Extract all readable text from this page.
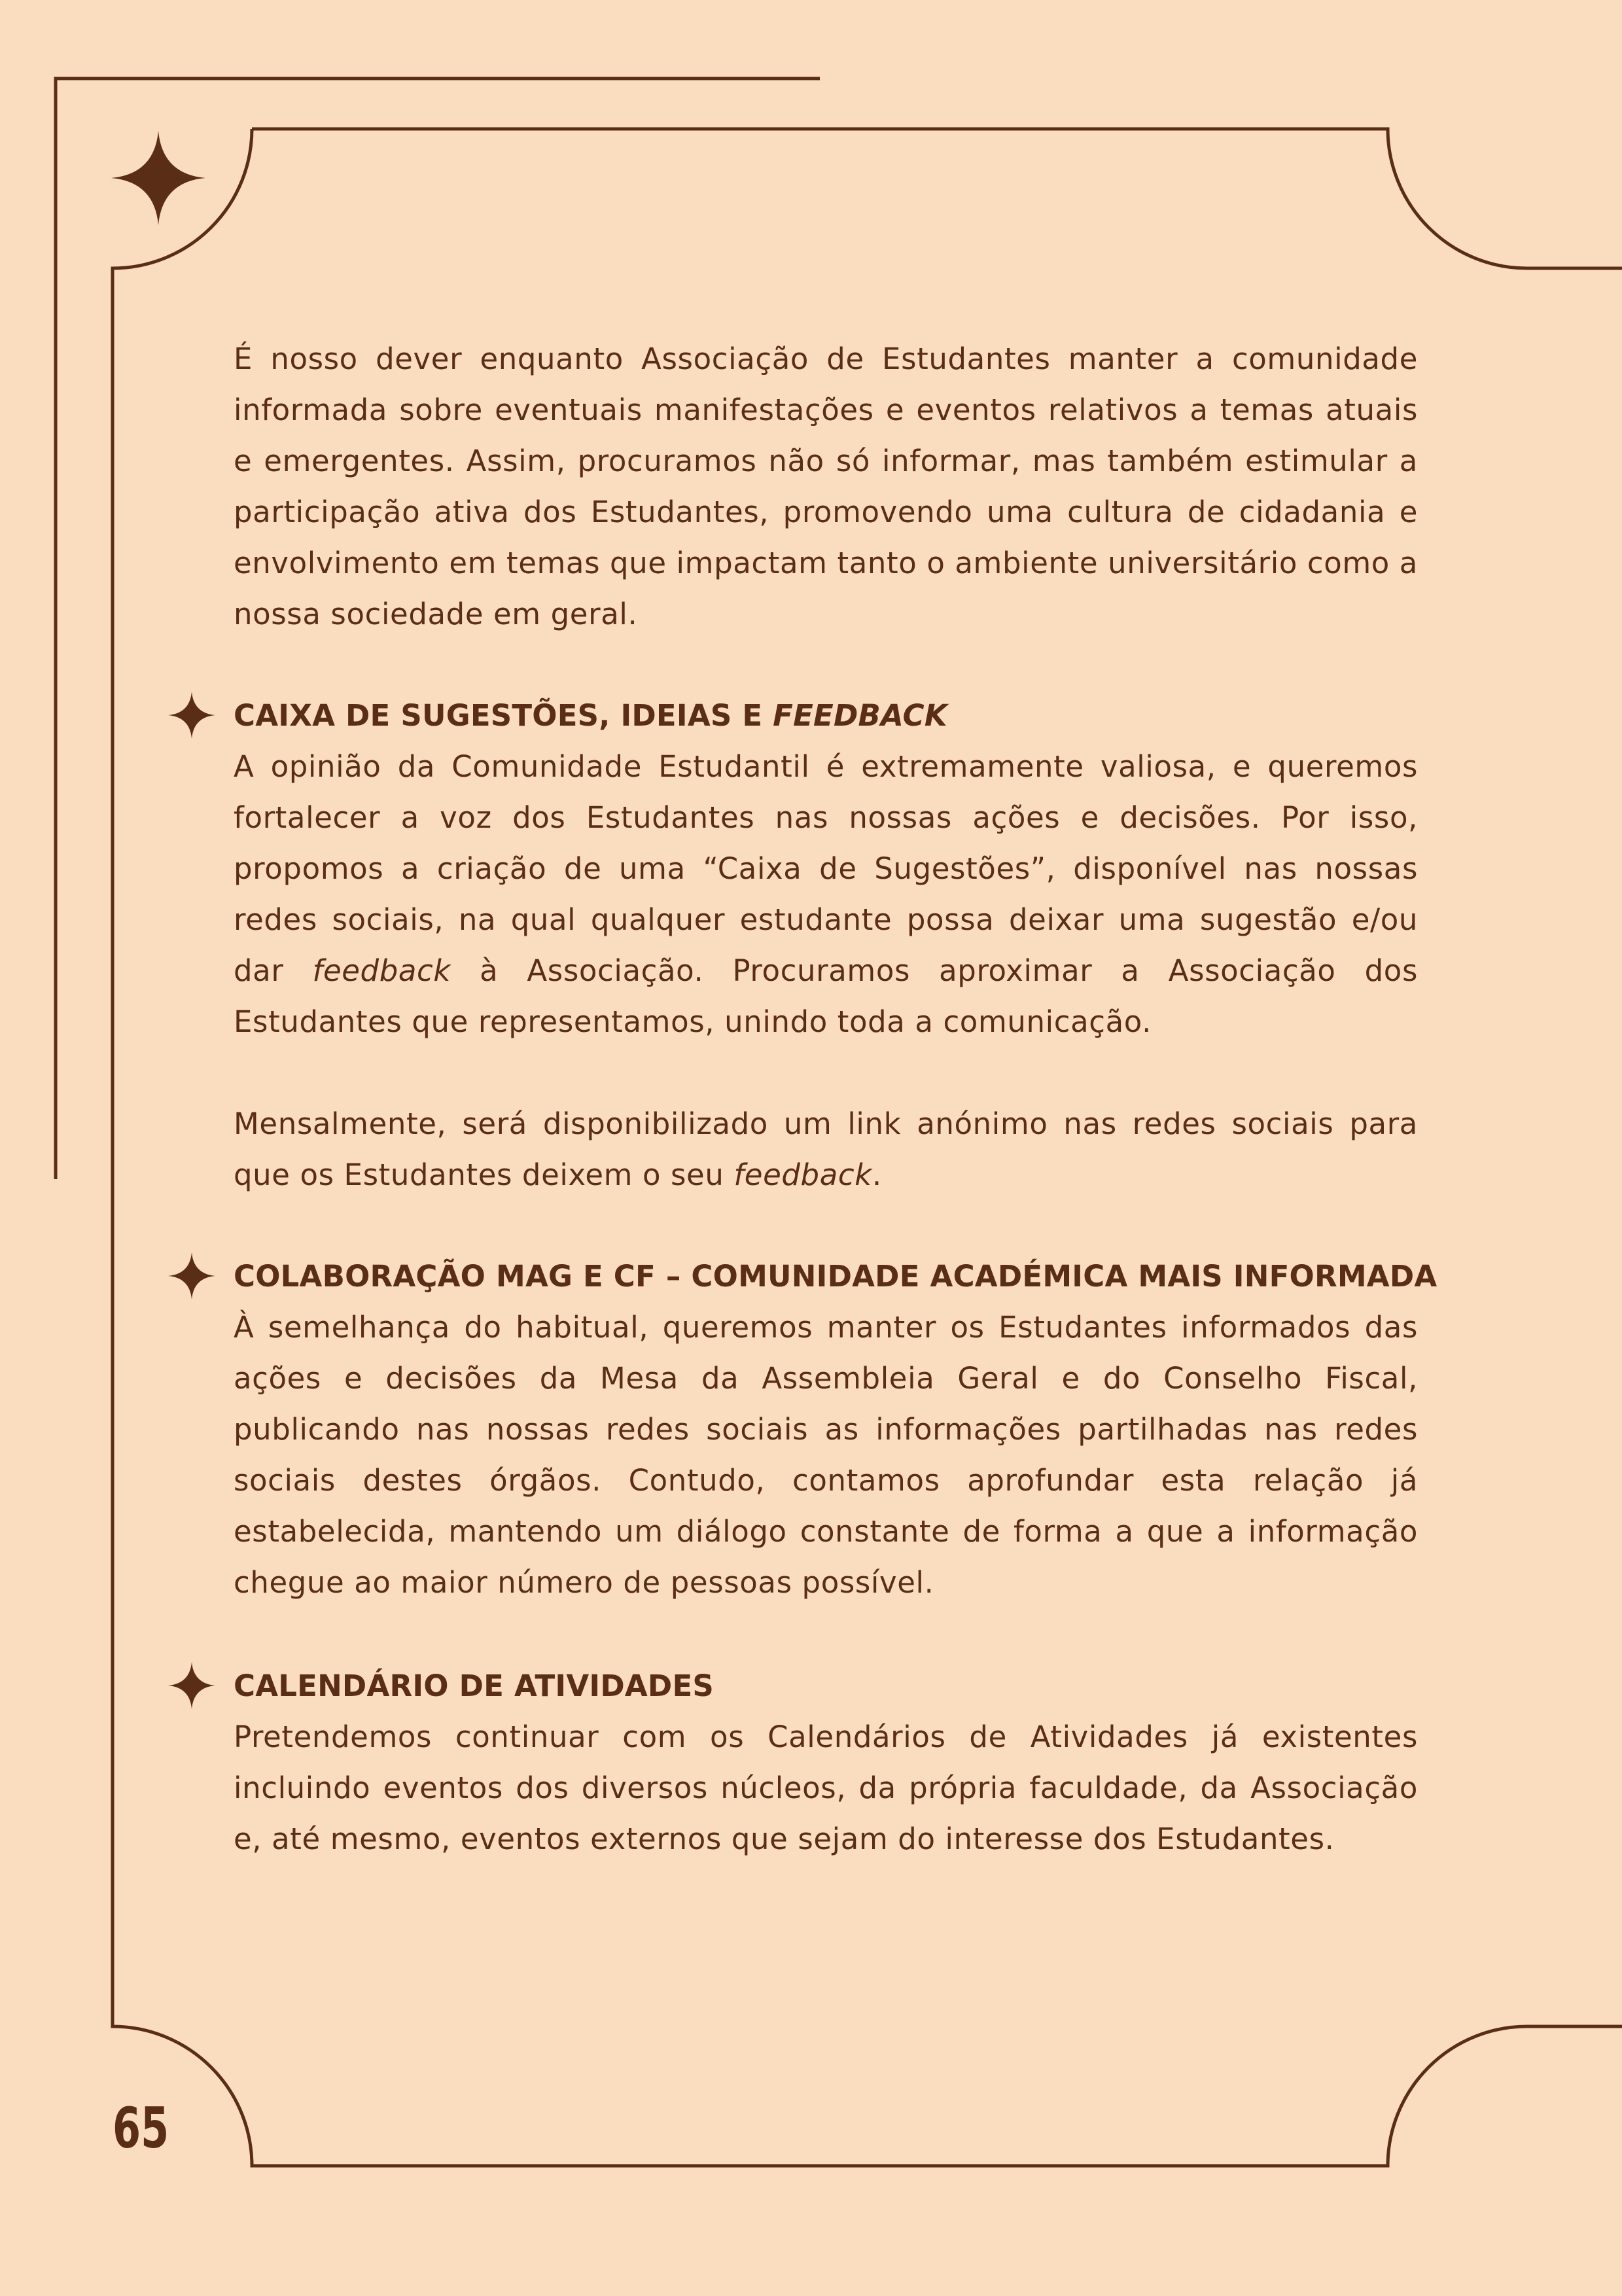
É nosso dever enquanto Associação de Estudantes manter a comunidade informada sobre eventuais manifestações e eventos relativos a temas atuais e emergentes. Assim, procuramos não só informar, mas também estimular a participação ativa dos Estudantes, promovendo uma cultura de cidadania e envolvimento em temas que impactam tanto o ambiente universitário como a nossa sociedade em geral.

CAIXA DE SUGESTÕES, IDEIAS E FEEDBACK

A opinião da Comunidade Estudantil é extremamente valiosa, e queremos fortalecer a voz dos Estudantes nas nossas ações e decisões. Por isso, propomos a criação de uma “Caixa de Sugestões”, disponível nas nossas redes sociais, na qual qualquer estudante possa deixar uma sugestão e/ou dar feedback à Associação. Procuramos aproximar a Associação dos Estudantes que representamos, unindo toda a comunicação.

Mensalmente, será disponibilizado um link anónimo nas redes sociais para que os Estudantes deixem o seu feedback.

COLABORAÇÃO MAG E CF – COMUNIDADE ACADÉMICA MAIS INFORMADA

À semelhança do habitual, queremos manter os Estudantes informados das ações e decisões da Mesa da Assembleia Geral e do Conselho Fiscal, publicando nas nossas redes sociais as informações partilhadas nas redes sociais destes órgãos. Contudo, contamos aprofundar esta relação já estabelecida, mantendo um diálogo constante de forma a que a informação chegue ao maior número de pessoas possível.

CALENDÁRIO DE ATIVIDADES

Pretendemos continuar com os Calendários de Atividades já existentes incluindo eventos dos diversos núcleos, da própria faculdade, da Associação e, até mesmo, eventos externos que sejam do interesse dos Estudantes.

65
